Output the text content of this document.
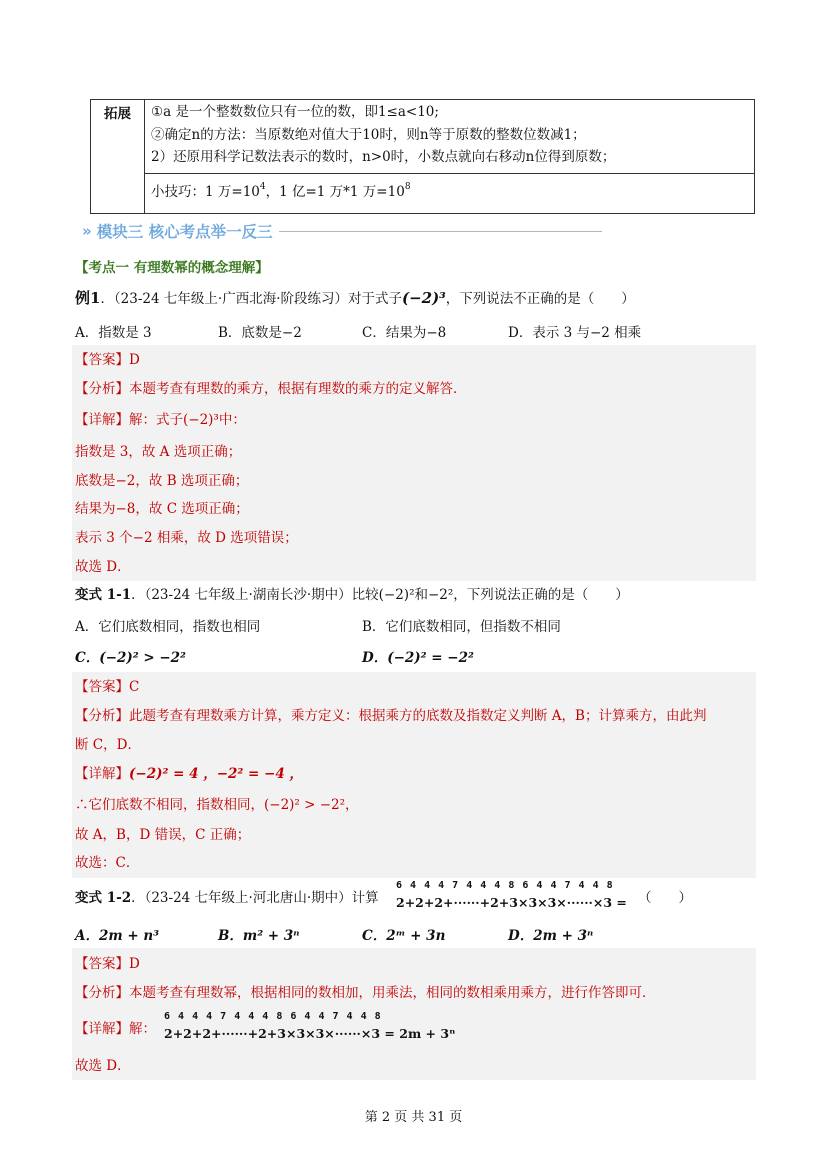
拓展	①a 是一个整数数位只有一位的数，即1≤a<10;
②确定n的方法：当原数绝对值大于10时，则n等于原数的整数位数减1；
2）还原用科学记数法表示的数时，n>0时，小数点就向右移动n位得到原数；

小技巧：1 万$=10^4$，1 亿=1 万*1 万$=10^8$
» 模块三 核心考点举一反三
【考点一 有理数幂的概念理解】
例1．（23-24 七年级上·广西北海·阶段练习）对于式子(−2)³，下列说法不正确的是（　　）
A．指数是 3	B．底数是−2	C．结果为−8	D．表示 3 与−2 相乘
【答案】D
【分析】本题考查有理数的乘方，根据有理数的乘方的定义解答．
【详解】解：式子(−2)³中：
指数是 3，故 A 选项正确；
底数是−2，故 B 选项正确；
结果为−8，故 C 选项正确；
表示 3 个−2 相乘，故 D 选项错误；
故选 D．
变式 1-1．（23-24 七年级上·湖南长沙·期中）比较(−2)²和−2²，下列说法正确的是（　　）
A．它们底数相同，指数也相同	B．它们底数相同，但指数不相同
C．(−2)² > −2²	D．(−2)² = −2²
【答案】C
【分析】此题考查有理数乘方计算，乘方定义：根据乘方的底数及指数定义判断 A，B；计算乘方，由此判
断 C，D．
【详解】(−2)² = 4 ，−2² = −4 ，
∴它们底数不相同，指数相同，(−2)² > −2²，
故 A，B，D 错误，C 正确；
故选：C．
变式 1-2．（23-24 七年级上·河北唐山·期中）计算
6 4 4 4 7 4 4 4 8 6 4 4 7 4 4 8
2+2+2+······+2+3×3×3×······×3 = （　　）
A．2m + n³	B．m² + 3ⁿ	C．2ᵐ + 3n	D．2m + 3ⁿ
【答案】D
【分析】本题考查有理数幂，根据相同的数相加，用乘法，相同的数相乘用乘方，进行作答即可．
【详解】解：
6 4 4 4 7 4 4 4 8 6 4 4 7 4 4 8
2+2+2+······+2+3×3×3×······×3 = 2m + 3ⁿ
故选 D．
第 2 页 共 31 页
